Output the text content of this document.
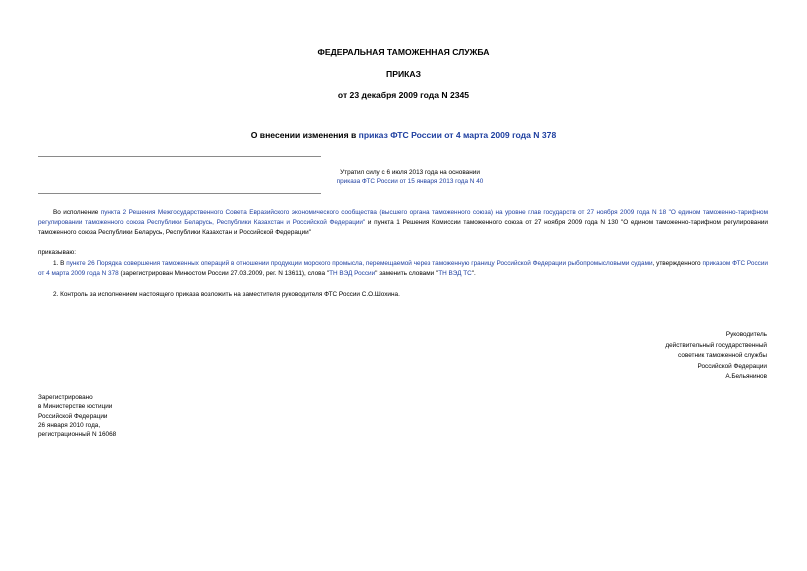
ФЕДЕРАЛЬНАЯ ТАМОЖЕННАЯ СЛУЖБА
ПРИКАЗ
от 23 декабря 2009 года N 2345
О внесении изменения в приказ ФТС России от 4 марта 2009 года N 378
Утратил силу с 6 июля 2013 года на основании
приказа ФТС России от 15 января 2013 года N 40
Во исполнение пункта 2 Решения Межгосударственного Совета Евразийского экономического сообщества (высшего органа таможенного союза) на уровне глав государств от 27 ноября 2009 года N 18 "О едином таможенно-тарифном регулировании таможенного союза Республики Беларусь, Республики Казахстан и Российской Федерации" и пункта 1 Решения Комиссии таможенного союза от 27 ноября 2009 года N 130 "О едином таможенно-тарифном регулировании таможенного союза Республики Беларусь, Республики Казахстан и Российской Федерации"
приказываю:
1. В пункте 26 Порядка совершения таможенных операций в отношении продукции морского промысла, перемещаемой через таможенную границу Российской Федерации рыбопромысловыми судами, утвержденного приказом ФТС России от 4 марта 2009 года N 378 (зарегистрирован Минюстом России 27.03.2009, рег. N 13611), слова "ТН ВЭД России" заменить словами "ТН ВЭД ТС".
2. Контроль за исполнением настоящего приказа возложить на заместителя руководителя ФТС России С.О.Шохина.
Руководитель
действительный государственный
советник таможенной службы
Российской Федерации
А.Бельянинов
Зарегистрировано
в Министерстве юстиции
Российской Федерации
26 января 2010 года,
регистрационный N 16068
